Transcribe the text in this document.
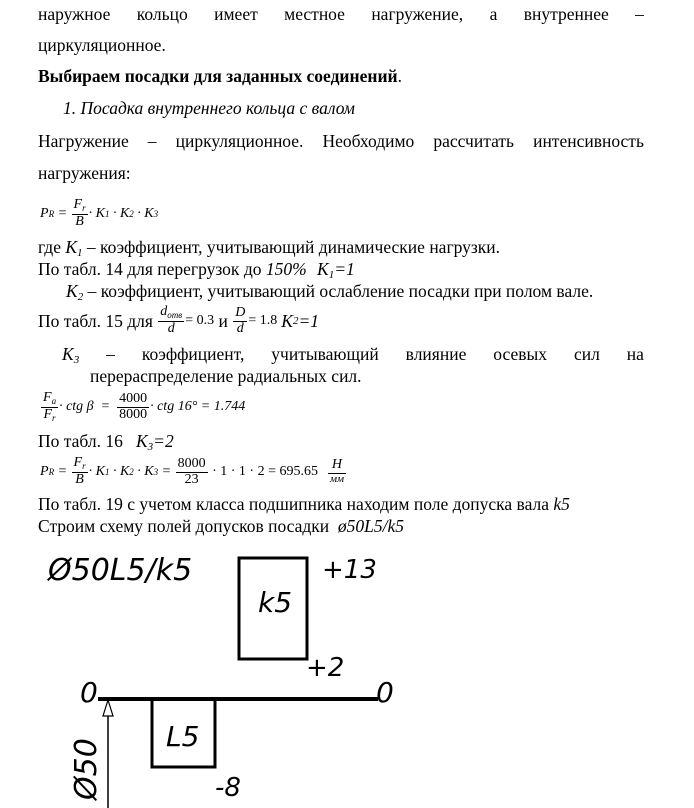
наружное кольцо имеет местное нагружение, а внутреннее –
циркуляционное.
Выбираем посадки для заданных соединений.
1. Посадка внутреннего кольца с валом
Нагружение – циркуляционное. Необходимо рассчитать интенсивность
нагружения:
P $R = \frac{F_r}{B} \cdot K$ 1 · K 2 · K 3
где $K_1$ – коэффициент, учитывающий динамические нагрузки.
По табл. 14 для перегрузок до 150% $K_1=1$
$K_2$ – коэффициент, учитывающий ослабление посадки при полом вале.
По табл. 15 для $\frac{d_{отв}}{d} = 0.3$ и $\frac{D}{d} = 1.8$ K 2 =1
$K_3$ – коэффициент, учитывающий влияние осевых сил на
перераспределение радиальных сил.
$\frac{F_a}{F_r}$ · ctg $\beta = \frac{4000}{8000}$ · ctg 16° = 1.744
По табл. 16   $K_3=2$
P $R = \frac{F_r}{B} \cdot K$ 1 · K 2 · K $3 = \frac{8000}{23} \cdot 1 \cdot 1 \cdot 2 = 695.65 \frac{Н}{мм}$
По табл. 19 с учетом класса подшипника находим поле допуска вала k5
Строим схему полей допусков посадки  ø50L5/k5
Ø50L5/k5
k5
+13
+2
0	0
L5
-8
Ø50
